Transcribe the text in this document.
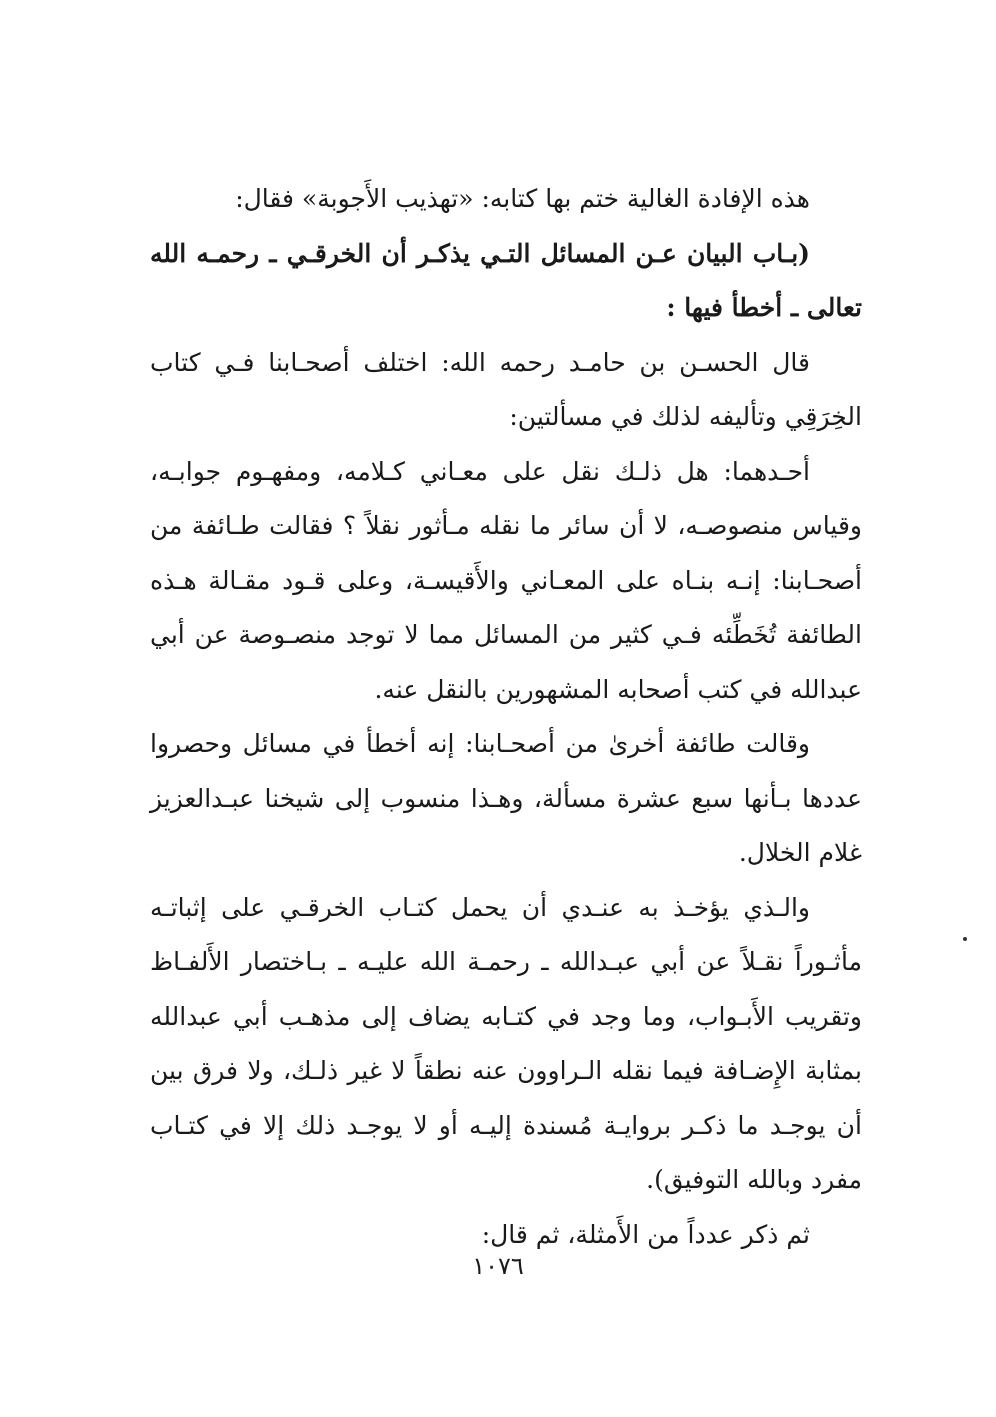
هذه الإفادة الغالية ختم بها كتابه: «تهذيب الأَجوبة» فقال:

(بـاب البيان عـن المسائل التـي يذكـر أن الخرقـي ـ رحمـه الله تعالى ـ أخطأ فيها :

قال الحسـن بن حامـد رحمه الله: اختلف أصحـابنا فـي كتاب الخِرَقِي وتأليفه لذلك في مسألتين:

أحـدهما: هل ذلـك نقل على معـاني كـلامه، ومفهـوم جوابـه، وقياس منصوصـه، لا أن سائر ما نقله مـأثور نقلاً ؟ فقالت طـائفة من أصحـابنا: إنـه بنـاه على المعـاني والأَقيسـة، وعلى قـود مقـالة هـذه الطائفة تُخَطِّئه فـي كثير من المسائل مما لا توجد منصـوصة عن أبي عبدالله في كتب أصحابه المشهورين بالنقل عنه.

وقالت طائفة أخرىٰ من أصحـابنا: إنه أخطأ في مسائل وحصروا عددها بـأنها سبع عشرة مسألة، وهـذا منسوب إلى شيخنا عبـدالعزيز غلام الخلال.

والـذي يؤخـذ به عنـدي أن يحمل كتـاب الخرقـي على إثباتـه مأثـوراً نقـلاً عن أبي عبـدالله ـ رحمـة الله عليـه ـ بـاختصار الأَلفـاظ وتقريب الأَبـواب، وما وجد في كتـابه يضاف إلى مذهـب أبي عبدالله بمثابة الإِضـافة فيما نقله الـراوون عنه نطقاً لا غير ذلـك، ولا فرق بين أن يوجـد ما ذكـر بروايـة مُسندة إليـه أو لا يوجـد ذلك إلا في كتـاب مفرد وبالله التوفيق).

ثم ذكر عدداً من الأَمثلة، ثم قال:

١٠٧٦
